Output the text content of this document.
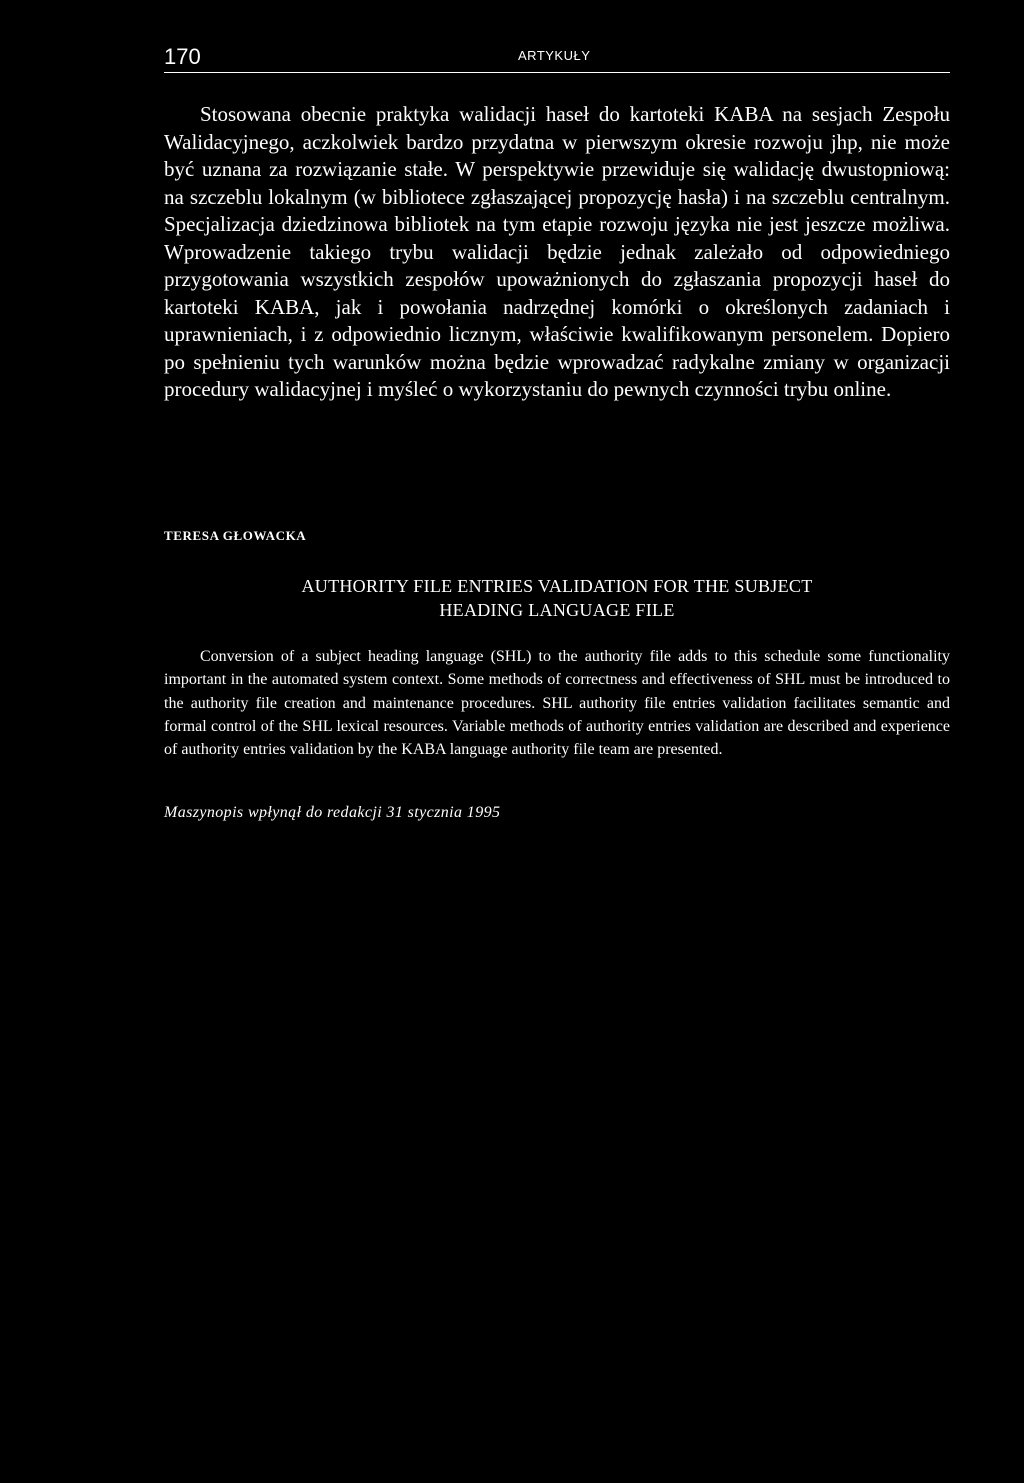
170	ARTYKUŁY

Stosowana obecnie praktyka walidacji haseł do kartoteki KABA na sesjach Zespołu Walidacyjnego, aczkolwiek bardzo przydatna w pierwszym okresie rozwoju jhp, nie może być uznana za rozwiązanie stałe. W perspektywie przewiduje się walidację dwustopniową: na szczeblu lokalnym (w bibliotece zgłaszającej propozycję hasła) i na szczeblu centralnym. Specjalizacja dziedzinowa bibliotek na tym etapie rozwoju języka nie jest jeszcze możliwa. Wprowadzenie takiego trybu walidacji będzie jednak zależało od odpowiedniego przygotowania wszystkich zespołów upoważnionych do zgłaszania propozycji haseł do kartoteki KABA, jak i powołania nadrzędnej komórki o określonych zadaniach i uprawnieniach, i z odpowiednio licznym, właściwie kwalifikowanym personelem. Dopiero po spełnieniu tych warunków można będzie wprowadzać radykalne zmiany w organizacji procedury walidacyjnej i myśleć o wykorzystaniu do pewnych czynności trybu online.

TERESA GŁOWACKA
AUTHORITY FILE ENTRIES VALIDATION FOR THE SUBJECT
HEADING LANGUAGE FILE

Conversion of a subject heading language (SHL) to the authority file adds to this schedule some functionality important in the automated system context. Some methods of correctness and effectiveness of SHL must be introduced to the authority file creation and maintenance procedures. SHL authority file entries validation facilitates semantic and formal control of the SHL lexical resources. Variable methods of authority entries validation are described and experience of authority entries validation by the KABA language authority file team are presented.

Maszynopis wpłynął do redakcji 31 stycznia 1995
